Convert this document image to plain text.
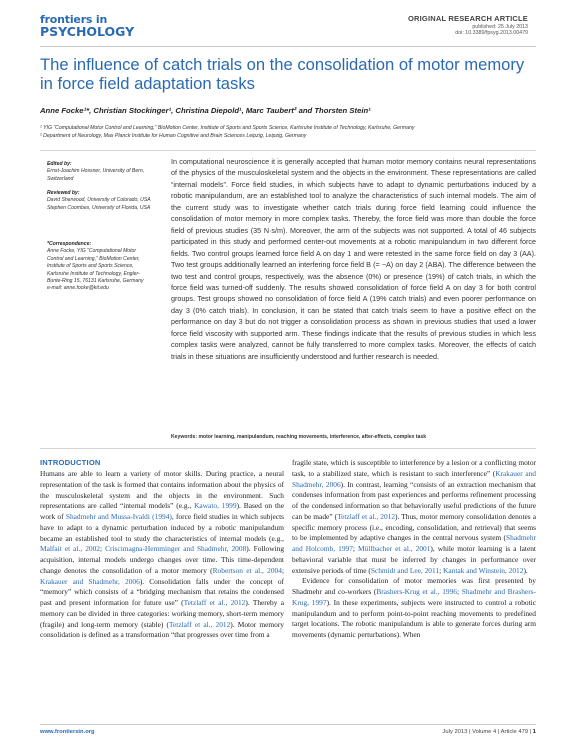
frontiers in
PSYCHOLOGY
ORIGINAL RESEARCH ARTICLE
published: 25 July 2013
doi: 10.3389/fpsyg.2013.00479
The influence of catch trials on the consolidation of motor memory in force field adaptation tasks
Anne Focke¹*, Christian Stockinger¹, Christina Diepold¹, Marc Taubert² and Thorsten Stein¹
¹ YIG “Computational Motor Control and Learning,” BioMotion Center, Institute of Sports and Sports Science, Karlsruhe Institute of Technology, Karlsruhe, Germany
² Department of Neurology, Max Planck Institute for Human Cognitive and Brain Sciences Leipzig, Leipzig, Germany
Edited by:
Ernst-Joachim Hossner, University of Bern, Switzerland
Reviewed by:
David Sherwood, University of Colorado, USA
Stephen Coombes, University of Florida, USA
*Correspondence:
Anne Focke, YIG “Computational Motor Control and Learning,” BioMotion Center, Institute of Sports and Sports Science, Karlsruhe Institute of Technology, Engler-Bunte-Ring 15, 76131 Karlsruhe, Germany
e-mail: anne.focke@kit.edu

In computational neuroscience it is generally accepted that human motor memory contains neural representations of the physics of the musculoskeletal system and the objects in the environment. These representations are called “internal models”. Force field studies, in which subjects have to adapt to dynamic perturbations induced by a robotic manipulandum, are an established tool to analyze the characteristics of such internal models. The aim of the current study was to investigate whether catch trials during force field learning could influence the consolidation of motor memory in more complex tasks. Thereby, the force field was more than double the force field of previous studies (35 N·s/m). Moreover, the arm of the subjects was not supported. A total of 46 subjects participated in this study and performed center-out movements at a robotic manipulandum in two different force fields. Two control groups learned force field A on day 1 and were retested in the same force field on day 3 (AA). Two test groups additionally learned an interfering force field B (= −A) on day 2 (ABA). The difference between the two test and control groups, respectively, was the absence (0%) or presence (19%) of catch trials, in which the force field was turned-off suddenly. The results showed consolidation of force field A on day 3 for both control groups. Test groups showed no consolidation of force field A (19% catch trials) and even poorer performance on day 3 (0% catch trials). In conclusion, it can be stated that catch trials seem to have a positive effect on the performance on day 3 but do not trigger a consolidation process as shown in previous studies that used a lower force field viscosity with supported arm. These findings indicate that the results of previous studies in which less complex tasks were analyzed, cannot be fully transferred to more complex tasks. Moreover, the effects of catch trials in these situations are insufficiently understood and further research is needed.

Keywords: motor learning, manipulandum, reaching movements, interference, after-effects, complex task
INTRODUCTION

Humans are able to learn a variety of motor skills. During practice, a neural representation of the task is formed that contains information about the physics of the musculoskeletal system and the objects in the environment. Such representations are called “internal models” (e.g., Kawato, 1999). Based on the work of Shadmehr and Mussa-Ivaldi (1994), force field studies in which subjects have to adapt to a dynamic perturbation induced by a robotic manipulandum became an established tool to study the characteristics of internal models (e.g., Malfait et al., 2002; Criscimagna-Hemminger and Shadmehr, 2008). Following acquisition, internal models undergo changes over time. This time-dependent change denotes the consolidation of a motor memory (Robertson et al., 2004; Krakauer and Shadmehr, 2006). Consolidation falls under the concept of “memory” which consists of a “bridging mechanism that retains the condensed past and present information for future use” (Tetzlaff et al., 2012). Thereby a memory can be divided in three categories: working memory, short-term memory (fragile) and long-term memory (stable) (Tetzlaff et al., 2012). Motor memory consolidation is defined as a transformation “that progresses over time from a

fragile state, which is susceptible to interference by a lesion or a conflicting motor task, to a stabilized state, which is resistant to such interference” (Krakauer and Shadmehr, 2006). In contrast, learning “consists of an extraction mechanism that condenses information from past experiences and performs refinement processing of the condensed information so that behaviorally useful predictions of the future can be made” (Tetzlaff et al., 2012). Thus, motor memory consolidation denotes a specific memory process (i.e., encoding, consolidation, and retrieval) that seems to be implemented by adaptive changes in the central nervous system (Shadmehr and Holcomb, 1997; Müllbacher et al., 2001), while motor learning is a latent behavioral variable that must be inferred by changes in performance over extensive periods of time (Schmidt and Lee, 2011; Kantak and Winstein, 2012).

Evidence for consolidation of motor memories was first presented by Shadmehr and co-workers (Brashers-Krug et al., 1996; Shadmehr and Brashers-Krug, 1997). In these experiments, subjects were instructed to control a robotic manipulandum and to perform point-to-point reaching movements to predefined target locations. The robotic manipulandum is able to generate forces during arm movements (dynamic perturbations). When

www.frontiersin.org	July 2013 | Volume 4 | Article 479 | 1
